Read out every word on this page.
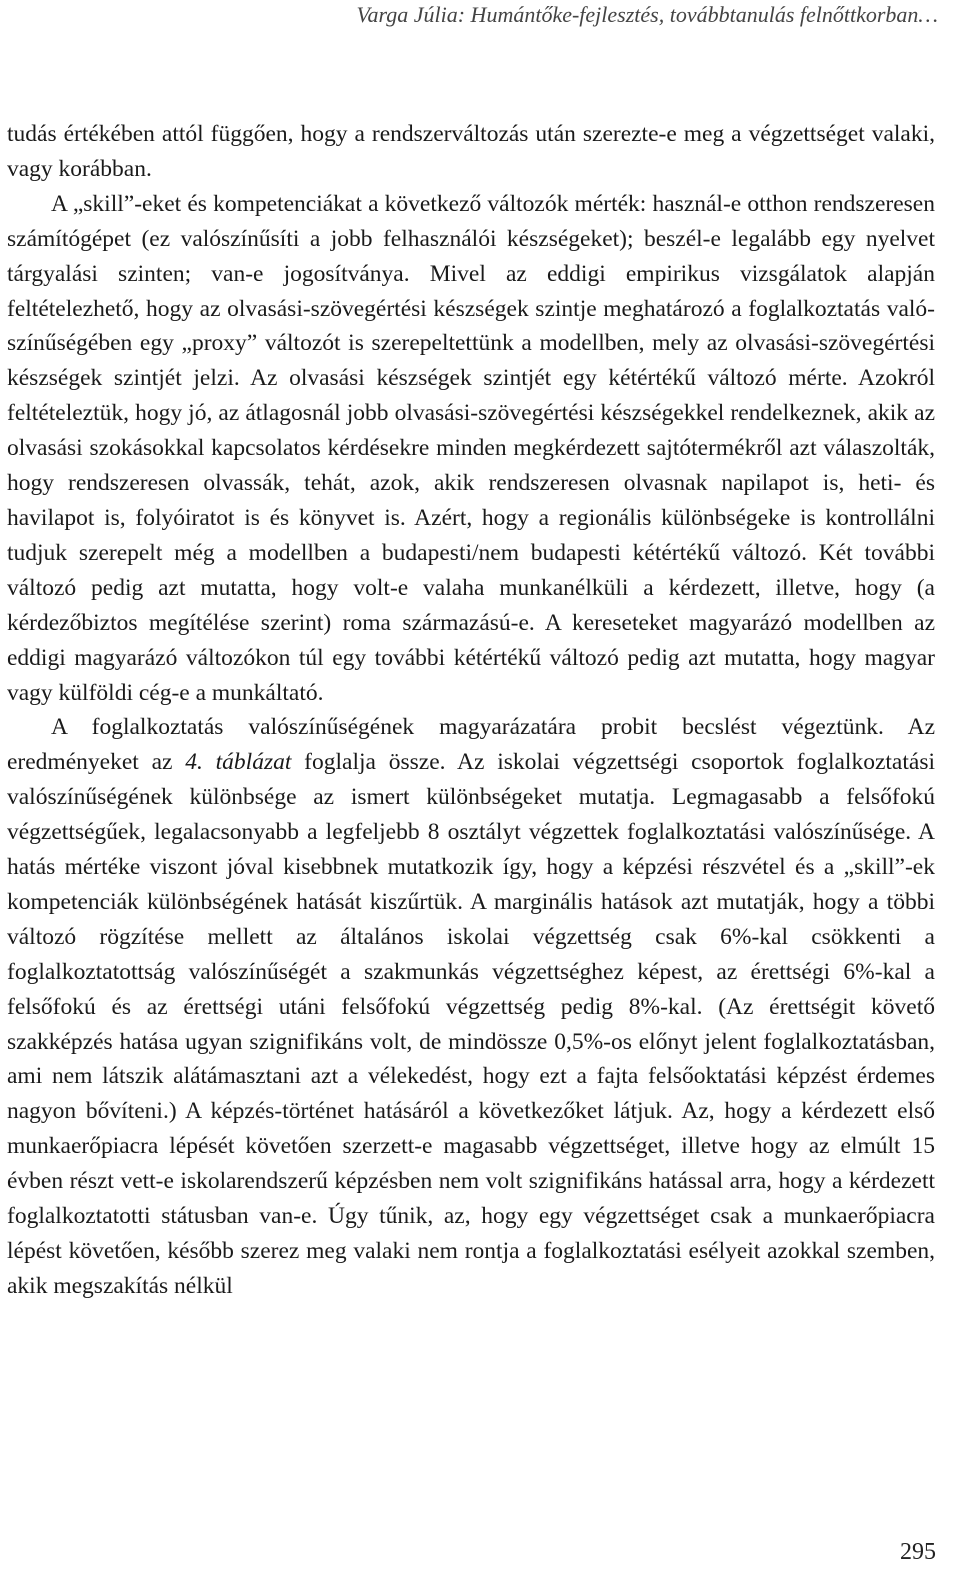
Varga Júlia: Humántőke-fejlesztés, továbbtanulás felnőttkorban…

tudás értékében attól függően, hogy a rendszerváltozás után szerezte-e meg a végzettséget valaki, vagy korábban.

A „skill”-eket és kompetenciákat a következő változók mérték: használ-e otthon rendszeresen számítógépet (ez valószínűsíti a jobb felhasználói készségeket); beszél-e legalább egy nyelvet tárgyalási szinten; van-e jogosítványa. Mivel az eddigi empirikus vizsgálatok alapján feltételezhető, hogy az olvasási-szövegértési készségek szintje meghatározó a foglalkoztatás valószínűségében egy „proxy” változót is szerepeltettünk a modellben, mely az olvasási-szövegértési készségek szintjét jelzi. Az olvasási készségek szintjét egy kétértékű változó mérte. Azokról feltételeztük, hogy jó, az átlagosnál jobb olvasási-szövegértési készségekkel rendelkeznek, akik az olvasási szokásokkal kapcsolatos kérdésekre minden megkérdezett sajtótermékről azt válaszolták, hogy rendszeresen olvassák, tehát, azok, akik rendszeresen olvasnak napilapot is, heti- és havilapot is, folyóiratot is és könyvet is. Azért, hogy a regionális különbségeke is kontrollálni tudjuk szerepelt még a modellben a budapesti/nem budapesti kétértékű változó. Két további változó pedig azt mutatta, hogy volt-e valaha munkanélküli a kérdezett, illetve, hogy (a kérdezőbiztos megítélése szerint) roma származású-e. A kereseteket magyarázó modellben az eddigi magyarázó változókon túl egy további kétértékű változó pedig azt mutatta, hogy magyar vagy külföldi cég-e a munkáltató.

A foglalkoztatás valószínűségének magyarázatára probit becslést végeztünk. Az eredményeket az 4. táblázat foglalja össze. Az iskolai végzettségi csoportok foglalkoztatási valószínűségének különbsége az ismert különbségeket mutatja. Legmagasabb a felsőfokú végzettségűek, legalacsonyabb a legfeljebb 8 osztályt végzettek foglalkoztatási valószínűsége. A hatás mértéke viszont jóval kisebbnek mutatkozik így, hogy a képzési részvétel és a „skill”-ek kompetenciák különbségének hatását kiszűrtük. A marginális hatások azt mutatják, hogy a többi változó rögzítése mellett az általános iskolai végzettség csak 6%-kal csökkenti a foglalkoztatottság valószínűségét a szakmunkás végzettséghez képest, az érettségi 6%-kal a felsőfokú és az érettségi utáni felsőfokú végzettség pedig 8%-kal. (Az érettségit követő szakképzés hatása ugyan szignifikáns volt, de mindössze 0,5%-os előnyt jelent foglalkoztatásban, ami nem látszik alátámasztani azt a vélekedést, hogy ezt a fajta felsőoktatási képzést érdemes nagyon bővíteni.) A képzés-történet hatásáról a következőket látjuk. Az, hogy a kérdezett első munkaerőpiacra lépését követően szerzett-e magasabb végzettséget, illetve hogy az elmúlt 15 évben részt vett-e iskolarendszerű képzésben nem volt szignifikáns hatással arra, hogy a kérdezett foglalkoztatotti státusban van-e. Úgy tűnik, az, hogy egy végzettséget csak a munkaerőpiacra lépést követően, később szerez meg valaki nem rontja a foglalkoztatási esélyeit azokkal szemben, akik megszakítás nélkül

295
